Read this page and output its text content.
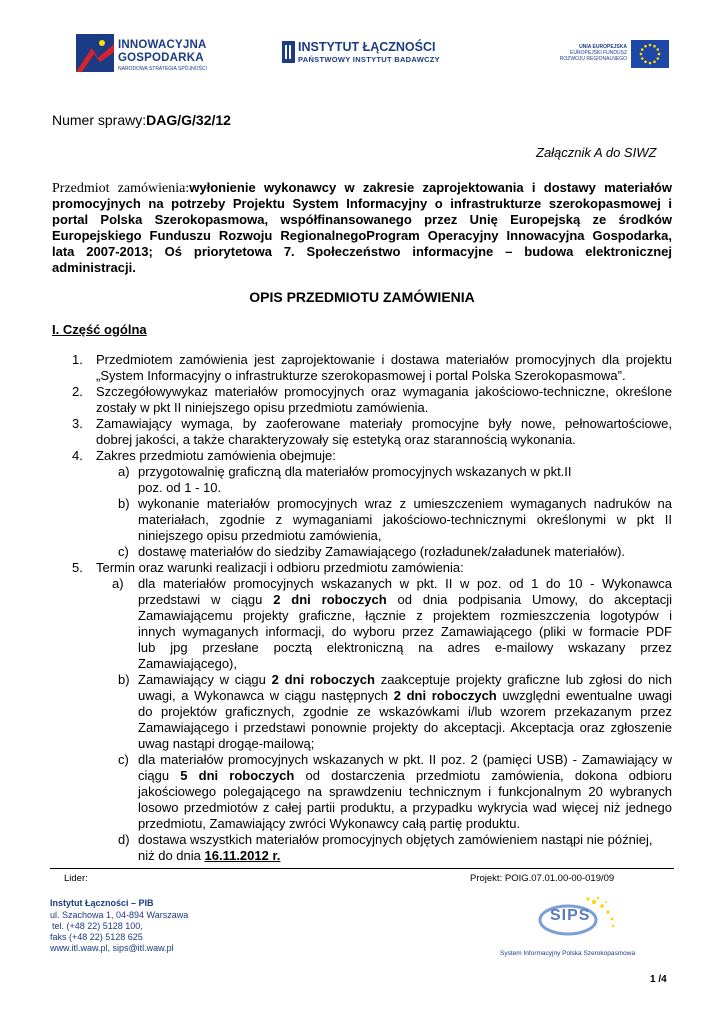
INNOWACYJNA
GOSPODARKA
NARODOWA STRATEGIA SPÓJNOŚCI
INSTYTUT ŁĄCZNOŚCI
PAŃSTWOWY INSTYTUT BADAWCZY
UNIA EUROPEJSKA
EUROPEJSKI FUNDUSZ
ROZWOJU REGIONALNEGO
Numer sprawy:DAG/G/32/12
Załącznik A do SIWZ
Przedmiot zamówienia:wyłonienie wykonawcy w zakresie zaprojektowania i dostawy materiałów
promocyjnych na potrzeby Projektu System Informacyjny o infrastrukturze szerokopasmowej i
portal Polska Szerokopasmowa, współfinansowanego przez Unię Europejską ze środków
Europejskiego Funduszu Rozwoju RegionalnegoProgram Operacyjny Innowacyjna Gospodarka,
lata 2007-2013; Oś priorytetowa 7. Społeczeństwo informacyjne – budowa elektronicznej
administracji.
OPIS PRZEDMIOTU ZAMÓWIENIA
I. Część ogólna
1. Przedmiotem zamówienia jest zaprojektowanie i dostawa materiałów promocyjnych dla projektu
„System Informacyjny o infrastrukturze szerokopasmowej i portal Polska Szerokopasmowa”.
2. Szczegółowywykaz materiałów promocyjnych oraz wymagania jakościowo-techniczne, określone
zostały w pkt II niniejszego opisu przedmiotu zamówienia.
3. Zamawiający wymaga, by zaoferowane materiały promocyjne były nowe, pełnowartościowe,
dobrej jakości, a także charakteryzowały się estetyką oraz starannością wykonania.
4. Zakres przedmiotu zamówienia obejmuje:
a) przygotowalnię graficzną dla materiałów promocyjnych wskazanych w pkt.II
poz. od 1 - 10.
b) wykonanie materiałów promocyjnych wraz z umieszczeniem wymaganych nadruków na
materiałach, zgodnie z wymaganiami jakościowo-technicznymi określonymi w pkt II
niniejszego opisu przedmiotu zamówienia,
c) dostawę materiałów do siedziby Zamawiającego (rozładunek/załadunek materiałów).
5. Termin oraz warunki realizacji i odbioru przedmiotu zamówienia:
a) dla materiałów promocyjnych wskazanych w pkt. II w poz. od 1 do 10 - Wykonawca
przedstawi w ciągu 2 dni roboczych od dnia podpisania Umowy, do akceptacji
Zamawiającemu projekty graficzne, łącznie z projektem rozmieszczenia logotypów i
innych wymaganych informacji, do wyboru przez Zamawiającego (pliki w formacie PDF
lub jpg przesłane pocztą elektroniczną na adres e-mailowy wskazany przez
Zamawiającego),
b) Zamawiający w ciągu 2 dni roboczych zaakceptuje projekty graficzne lub zgłosi do nich
uwagi, a Wykonawca w ciągu następnych 2 dni roboczych uwzględni ewentualne uwagi
do projektów graficznych, zgodnie ze wskazówkami i/lub wzorem przekazanym przez
Zamawiającego i przedstawi ponownie projekty do akceptacji. Akceptacja oraz zgłoszenie
uwag nastąpi drogąe-mailową;
c) dla materiałów promocyjnych wskazanych w pkt. II poz. 2 (pamięci USB) - Zamawiający w
ciągu 5 dni roboczych od dostarczenia przedmiotu zamówienia, dokona odbioru
jakościowego polegającego na sprawdzeniu technicznym i funkcjonalnym 20 wybranych
losowo przedmiotów z całej partii produktu, a przypadku wykrycia wad więcej niż jednego
przedmiotu, Zamawiający zwróci Wykonawcy całą partię produktu.
d) dostawa wszystkich materiałów promocyjnych objętych zamówieniem nastąpi nie później,
niż do dnia 16.11.2012 r.
Lider:	Projekt: POIG.07.01.00-00-019/09
Instytut Łączności – PIB
ul. Szachowa 1, 04-894 Warszawa
tel. (+48 22) 5128 100,
faks (+48 22) 5128 625
www.itl.waw.pl, sips@itl.waw.pl
SIPS
System Informacyjny Polska Szerokopasmowa
1 /4
